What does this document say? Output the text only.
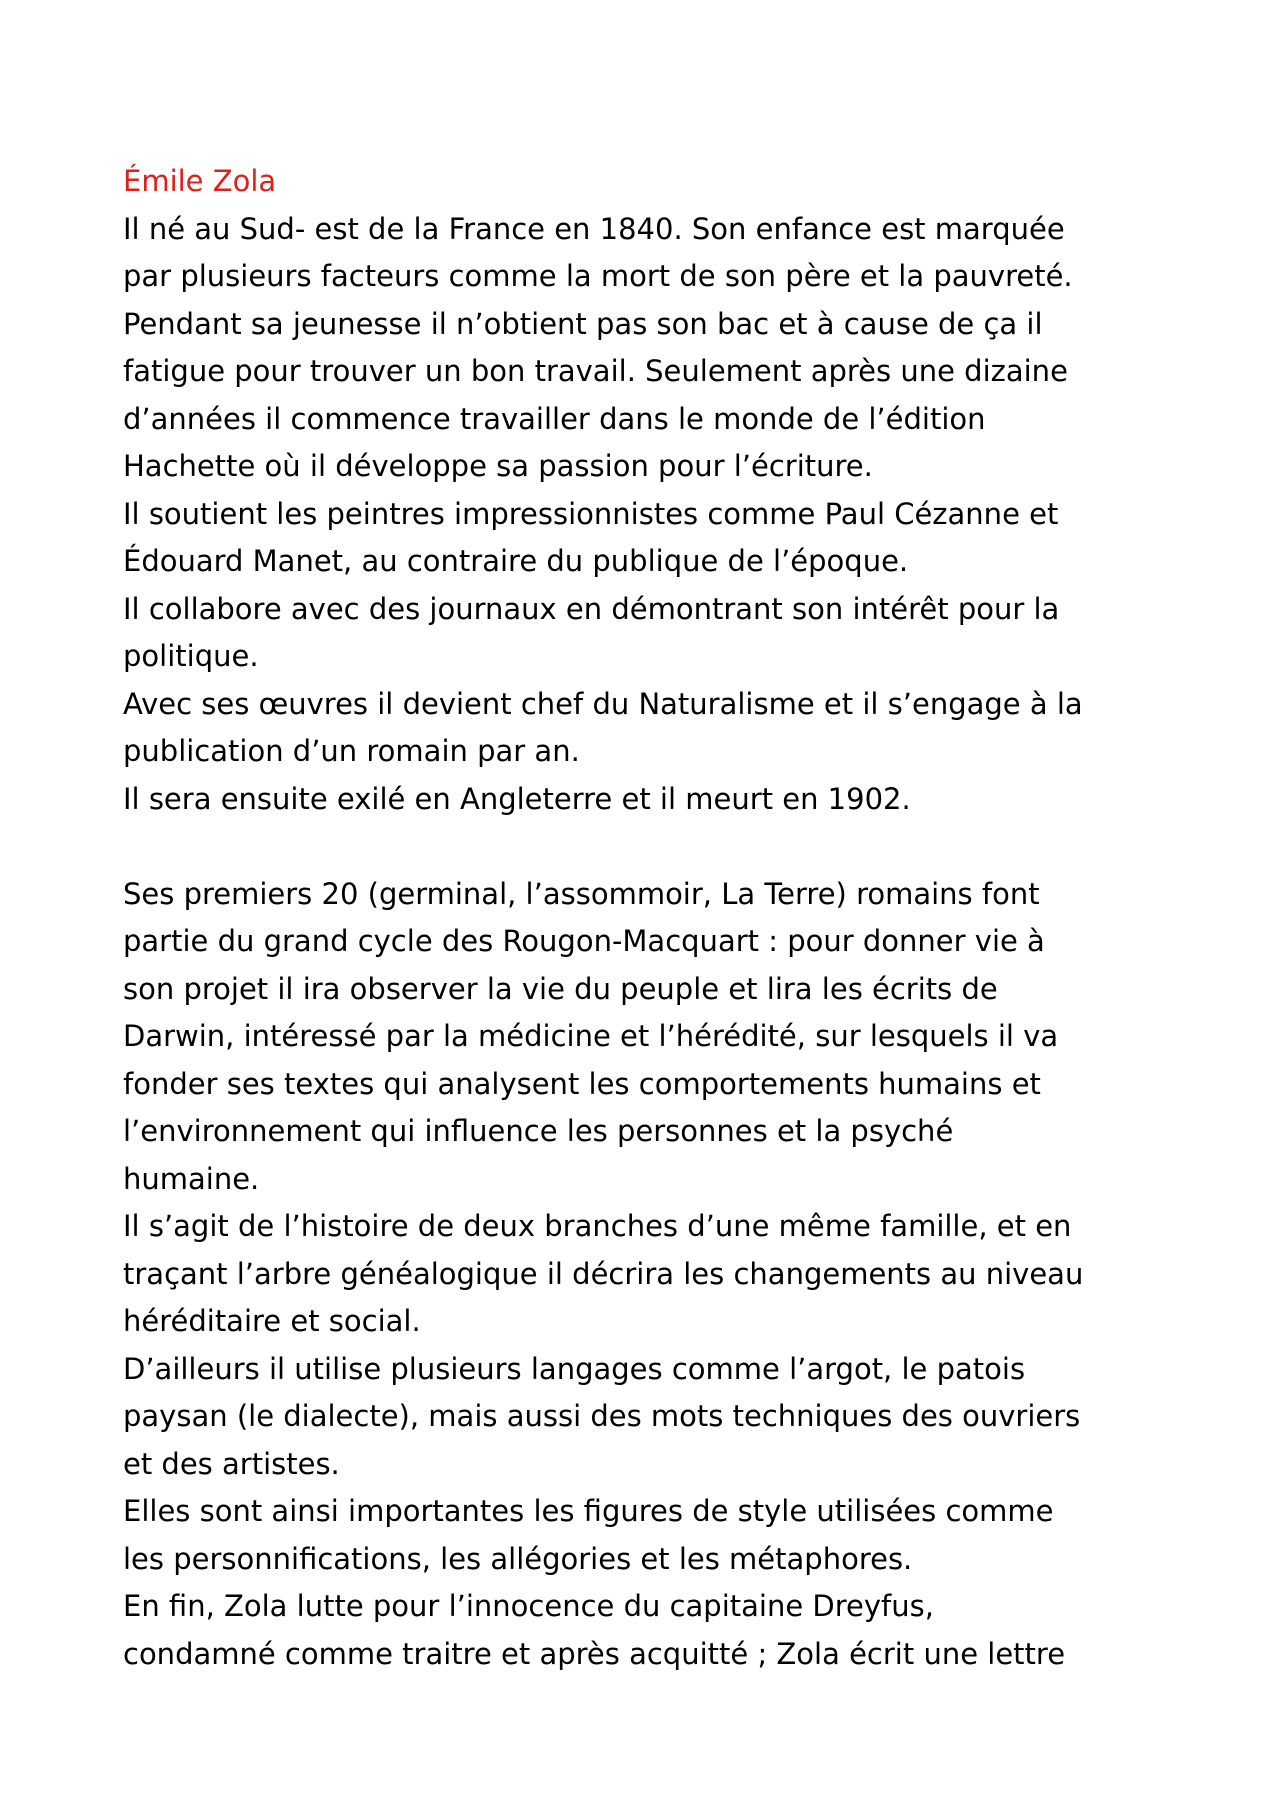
Émile Zola

Il né au Sud- est de la France en 1840. Son enfance est marquée

par plusieurs facteurs comme la mort de son père et la pauvreté.

Pendant sa jeunesse il n’obtient pas son bac et à cause de ça il

fatigue pour trouver un bon travail. Seulement après une dizaine

d’années il commence travailler dans le monde de l’édition

Hachette où il développe sa passion pour l’écriture.

Il soutient les peintres impressionnistes comme Paul Cézanne et

Édouard Manet, au contraire du publique de l’époque.

Il collabore avec des journaux en démontrant son intérêt pour la

politique.

Avec ses œuvres il devient chef du Naturalisme et il s’engage à la

publication d’un romain par an.

Il sera ensuite exilé en Angleterre et il meurt en 1902.

Ses premiers 20 (germinal, l’assommoir, La Terre) romains font

partie du grand cycle des Rougon-Macquart : pour donner vie à

son projet il ira observer la vie du peuple et lira les écrits de

Darwin, intéressé par la médicine et l’hérédité, sur lesquels il va

fonder ses textes qui analysent les comportements humains et

l’environnement qui influence les personnes et la psyché

humaine.

Il s’agit de l’histoire de deux branches d’une même famille, et en

traçant l’arbre généalogique il décrira les changements au niveau

héréditaire et social.

D’ailleurs il utilise plusieurs langages comme l’argot, le patois

paysan (le dialecte), mais aussi des mots techniques des ouvriers

et des artistes.

Elles sont ainsi importantes les figures de style utilisées comme

les personnifications, les allégories et les métaphores.

En fin, Zola lutte pour l’innocence du capitaine Dreyfus,

condamné comme traitre et après acquitté ; Zola écrit une lettre
